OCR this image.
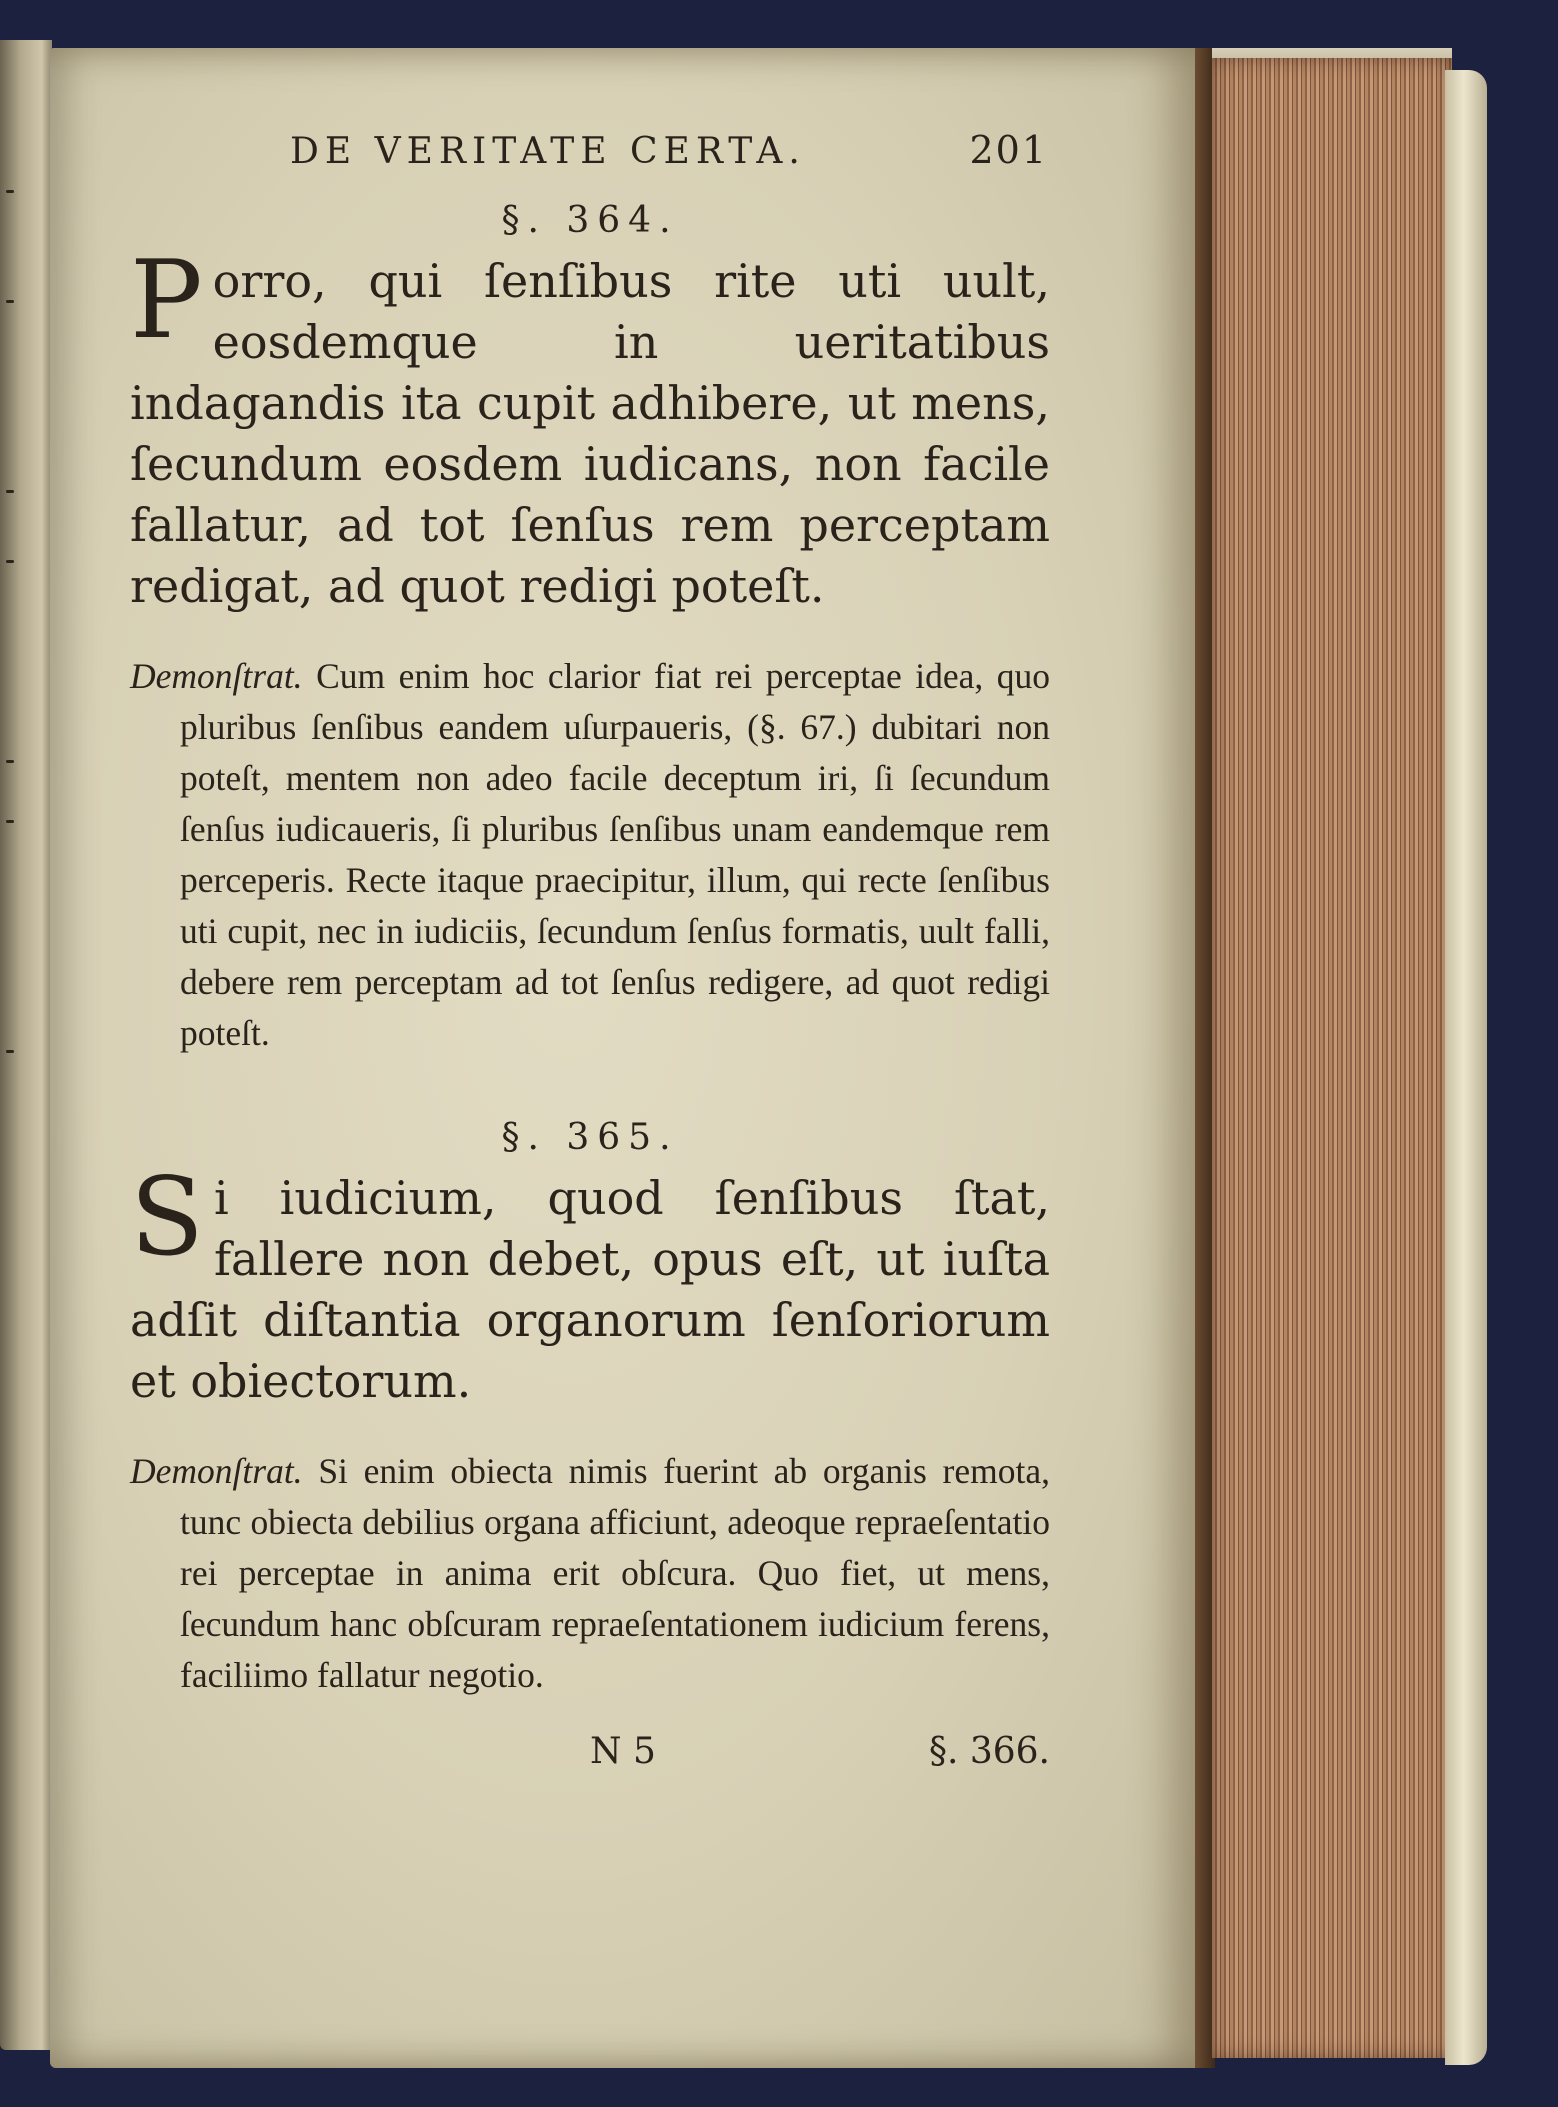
DE VERITATE CERTA.	201
§. 364.

Porro, qui ſenſibus rite uti uult, eosdemque in ueritatibus indagandis ita cupit adhibere, ut mens, ſecundum eosdem iudicans, non facile fallatur, ad tot ſenſus rem perceptam redigat, ad quot redigi poteſt.

Demonſtrat. Cum enim hoc clarior fiat rei perceptae idea, quo pluribus ſenſibus eandem uſurpaueris, (§. 67.) dubitari non poteſt, mentem non adeo facile deceptum iri, ſi ſecundum ſenſus iudicaueris, ſi pluribus ſenſibus unam eandemque rem perceperis. Recte itaque praecipitur, illum, qui recte ſenſibus uti cupit, nec in iudiciis, ſecundum ſenſus formatis, uult falli, debere rem perceptam ad tot ſenſus redigere, ad quot redigi poteſt.

§. 365.

Si iudicium, quod ſenſibus ſtat, fallere non debet, opus eſt, ut iuſta adſit diſtantia organorum ſenſoriorum et obiectorum.

Demonſtrat. Si enim obiecta nimis fuerint ab organis remota, tunc obiecta debilius organa afficiunt, adeoque repraeſentatio rei perceptae in anima erit obſcura. Quo fiet, ut mens, ſecundum hanc obſcuram repraeſentationem iudicium ferens, faciliimo fallatur negotio.

N 5	§. 366.
